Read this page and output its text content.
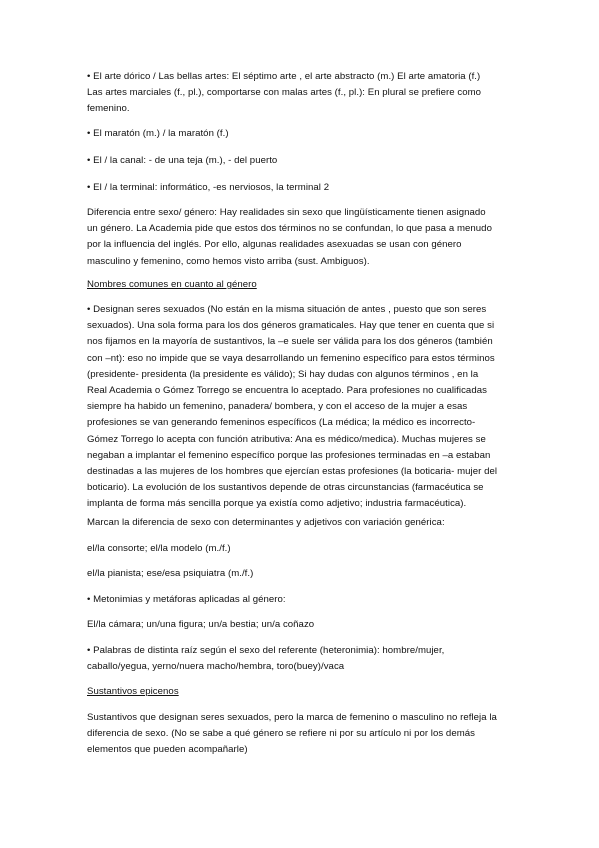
• El arte dórico / Las bellas artes: El séptimo arte , el arte abstracto (m.) El arte amatoria (f.)
Las artes marciales (f., pl.), comportarse con malas artes (f., pl.): En plural se prefiere como
femenino.
• El maratón (m.) / la maratón (f.)
• El / la canal: - de una teja (m.), - del puerto
• El / la terminal: informático, -es nerviosos, la terminal 2
Diferencia entre sexo/ género: Hay realidades sin sexo que lingüísticamente tienen asignado
un género. La Academia pide que estos dos términos no se confundan, lo que pasa a menudo
por la influencia del inglés. Por ello, algunas realidades asexuadas se usan con género
masculino y femenino, como hemos visto arriba (sust. Ambiguos).
Nombres comunes en cuanto al género
• Designan seres sexuados (No están en la misma situación de antes , puesto que son seres
sexuados). Una sola forma para los dos géneros gramaticales. Hay que tener en cuenta que si
nos fijamos en la mayoría de sustantivos, la –e suele ser válida para los dos géneros (también
con –nt): eso no impide que se vaya desarrollando un femenino específico para estos términos
(presidente- presidenta (la presidente es válido); Si hay dudas con algunos términos , en la
Real Academia o Gómez Torrego se encuentra lo aceptado. Para profesiones no cualificadas
siempre ha habido un femenino, panadera/ bombera, y con el acceso de la mujer a esas
profesiones se van generando femeninos específicos (La médica; la médico es incorrecto-
Gómez Torrego lo acepta con función atributiva: Ana es médico/medica). Muchas mujeres se
negaban a implantar el femenino específico porque las profesiones terminadas en –a estaban
destinadas a las mujeres de los hombres que ejercían estas profesiones (la boticaria- mujer del
boticario). La evolución de los sustantivos depende de otras circunstancias (farmacéutica se
implanta de forma más sencilla porque ya existía como adjetivo; industria farmacéutica).
Marcan la diferencia de sexo con determinantes y adjetivos con variación genérica:
el/la consorte; el/la modelo (m./f.)
el/la pianista; ese/esa psiquiatra (m./f.)
• Metonimias y metáforas aplicadas al género:
El/la cámara; un/una figura; un/a bestia; un/a coñazo
• Palabras de distinta raíz según el sexo del referente (heteronimia): hombre/mujer,
caballo/yegua, yerno/nuera macho/hembra, toro(buey)/vaca
Sustantivos epicenos
Sustantivos que designan seres sexuados, pero la marca de femenino o masculino no refleja la
diferencia de sexo. (No se sabe a qué género se refiere ni por su artículo ni por los demás
elementos que pueden acompañarle)
